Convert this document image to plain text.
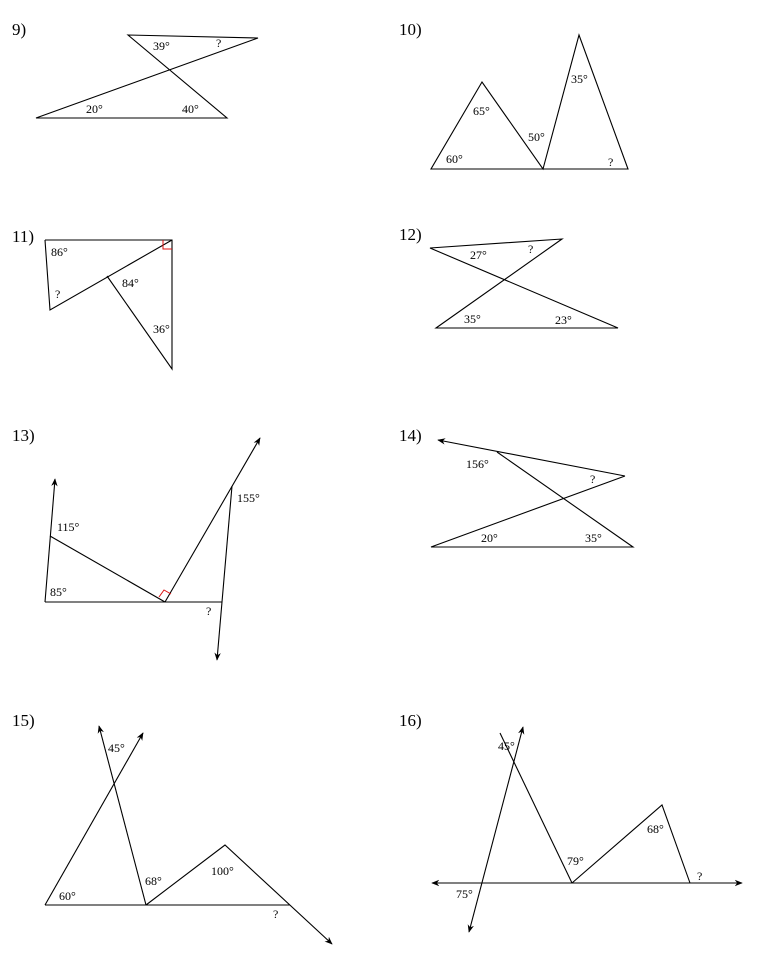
9)
39°	?
20°	40°
10)
65°
35°
50°
60°	?
11)
86°
84°
?
36°
12)
27°	?
35°	23°
13)
115°
85°
155°
?
14)
156°
?
20°	35°
15)
45°
68°
100°
60°
?
16)
45°
79°
68°
75°
?
